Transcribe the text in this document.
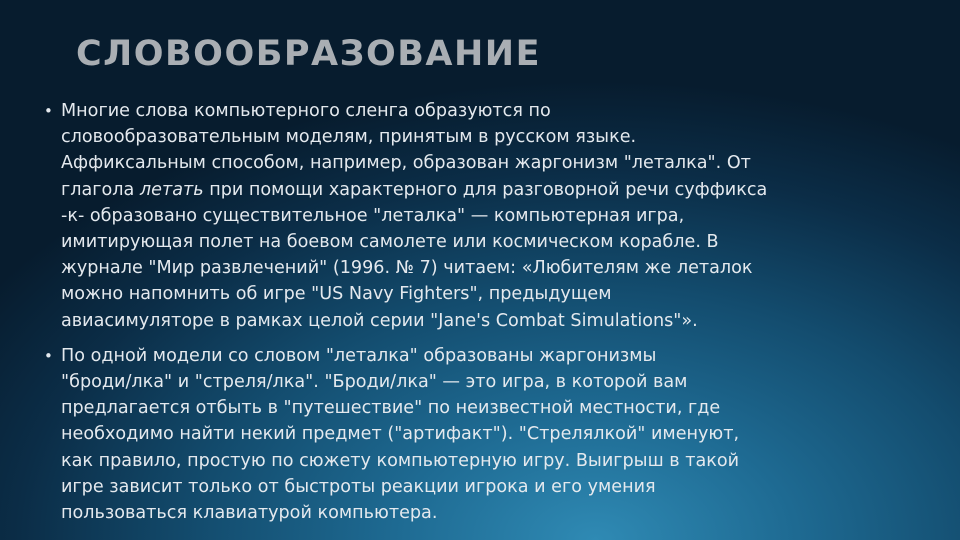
СЛОВООБРАЗОВАНИЕ
• Многие слова компьютерного сленга образуются по
словообразовательным моделям, принятым в русском языке.
Аффиксальным способом, например, образован жаргонизм "леталка". От
глагола летать при помощи характерного для разговорной речи суффикса
-к- образовано существительное "леталка" — компьютерная игра,
имитирующая полет на боевом самолете или космическом корабле. В
журнале "Мир развлечений" (1996. № 7) читаем: «Любителям же леталок
можно напомнить об игре "US Navy Fighters", предыдущем
авиасимуляторе в рамках целой серии "Jane's Combat Simulations"».
• По одной модели со словом "леталка" образованы жаргонизмы
"броди/лка" и "стреля/лка". "Броди/лка" — это игра, в которой вам
предлагается отбыть в "путешествие" по неизвестной местности, где
необходимо найти некий предмет ("артифакт"). "Стрелялкой" именуют,
как правило, простую по сюжету компьютерную игру. Выигрыш в такой
игре зависит только от быстроты реакции игрока и его умения
пользоваться клавиатурой компьютера.
